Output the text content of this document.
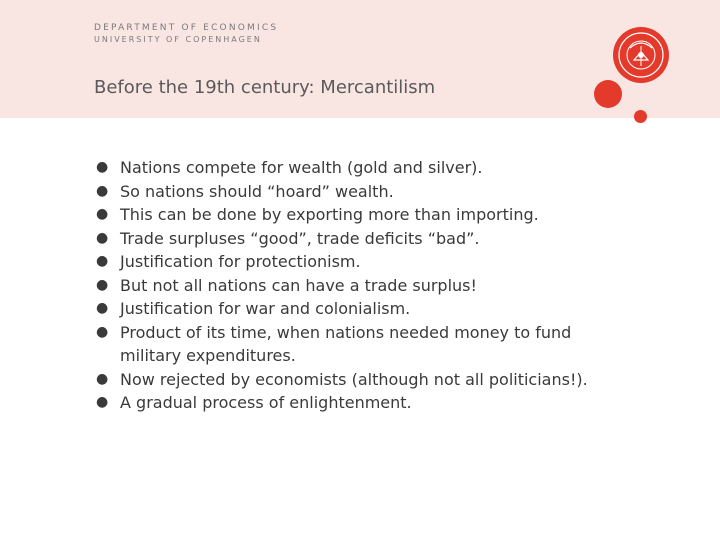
DEPARTMENT OF ECONOMICS
UNIVERSITY OF COPENHAGEN
Before the 19th century: Mercantilism
● Nations compete for wealth (gold and silver).
● So nations should “hoard” wealth.
● This can be done by exporting more than importing.
● Trade surpluses “good”, trade deficits “bad”.
● Justification for protectionism.
● But not all nations can have a trade surplus!
● Justification for war and colonialism.
● Product of its time, when nations needed money to fund military expenditures.
● Now rejected by economists (although not all politicians!).
● A gradual process of enlightenment.
